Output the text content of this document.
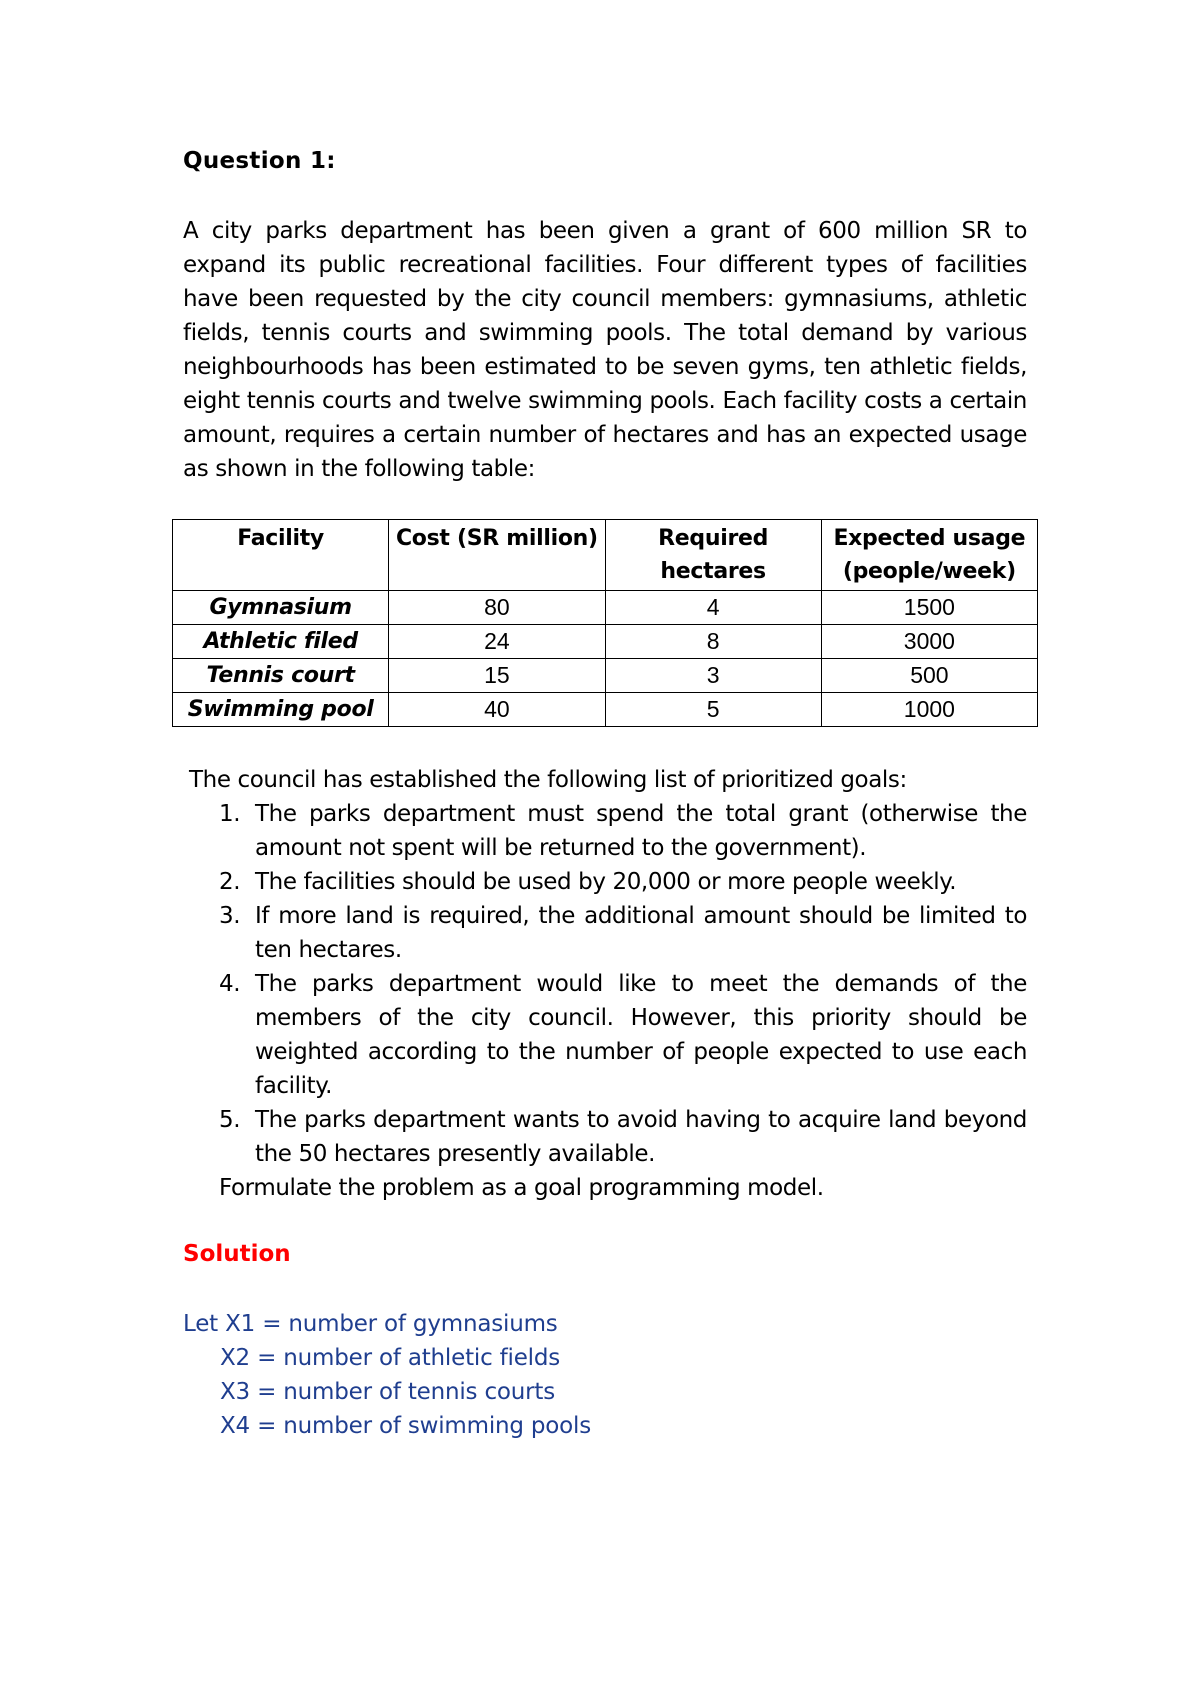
Question 1:
A city parks department has been given a grant of 600 million SR to expand its public recreational facilities. Four different types of facilities have been requested by the city council members: gymnasiums, athletic fields, tennis courts and swimming pools. The total demand by various neighbourhoods has been estimated to be seven gyms, ten athletic fields, eight tennis courts and twelve swimming pools. Each facility costs a certain amount, requires a certain number of hectares and has an expected usage as shown in the following table:
Facility	Cost (SR million)	Required hectares	Expected usage (people/week)

Gymnasium	80	4	1500
Athletic filed	24	8	3000
Tennis court	15	3	500
Swimming pool	40	5	1000
The council has established the following list of prioritized goals:
1. The parks department must spend the total grant (otherwise the amount not spent will be returned to the government).
2. The facilities should be used by 20,000 or more people weekly.
3. If more land is required, the additional amount should be limited to ten hectares.
4. The parks department would like to meet the demands of the members of the city council. However, this priority should be weighted according to the number of people expected to use each facility.
5. The parks department wants to avoid having to acquire land beyond the 50 hectares presently available.
Formulate the problem as a goal programming model.
Solution
Let X1 = number of gymnasiums
X2 = number of athletic fields
X3 = number of tennis courts
X4 = number of swimming pools
